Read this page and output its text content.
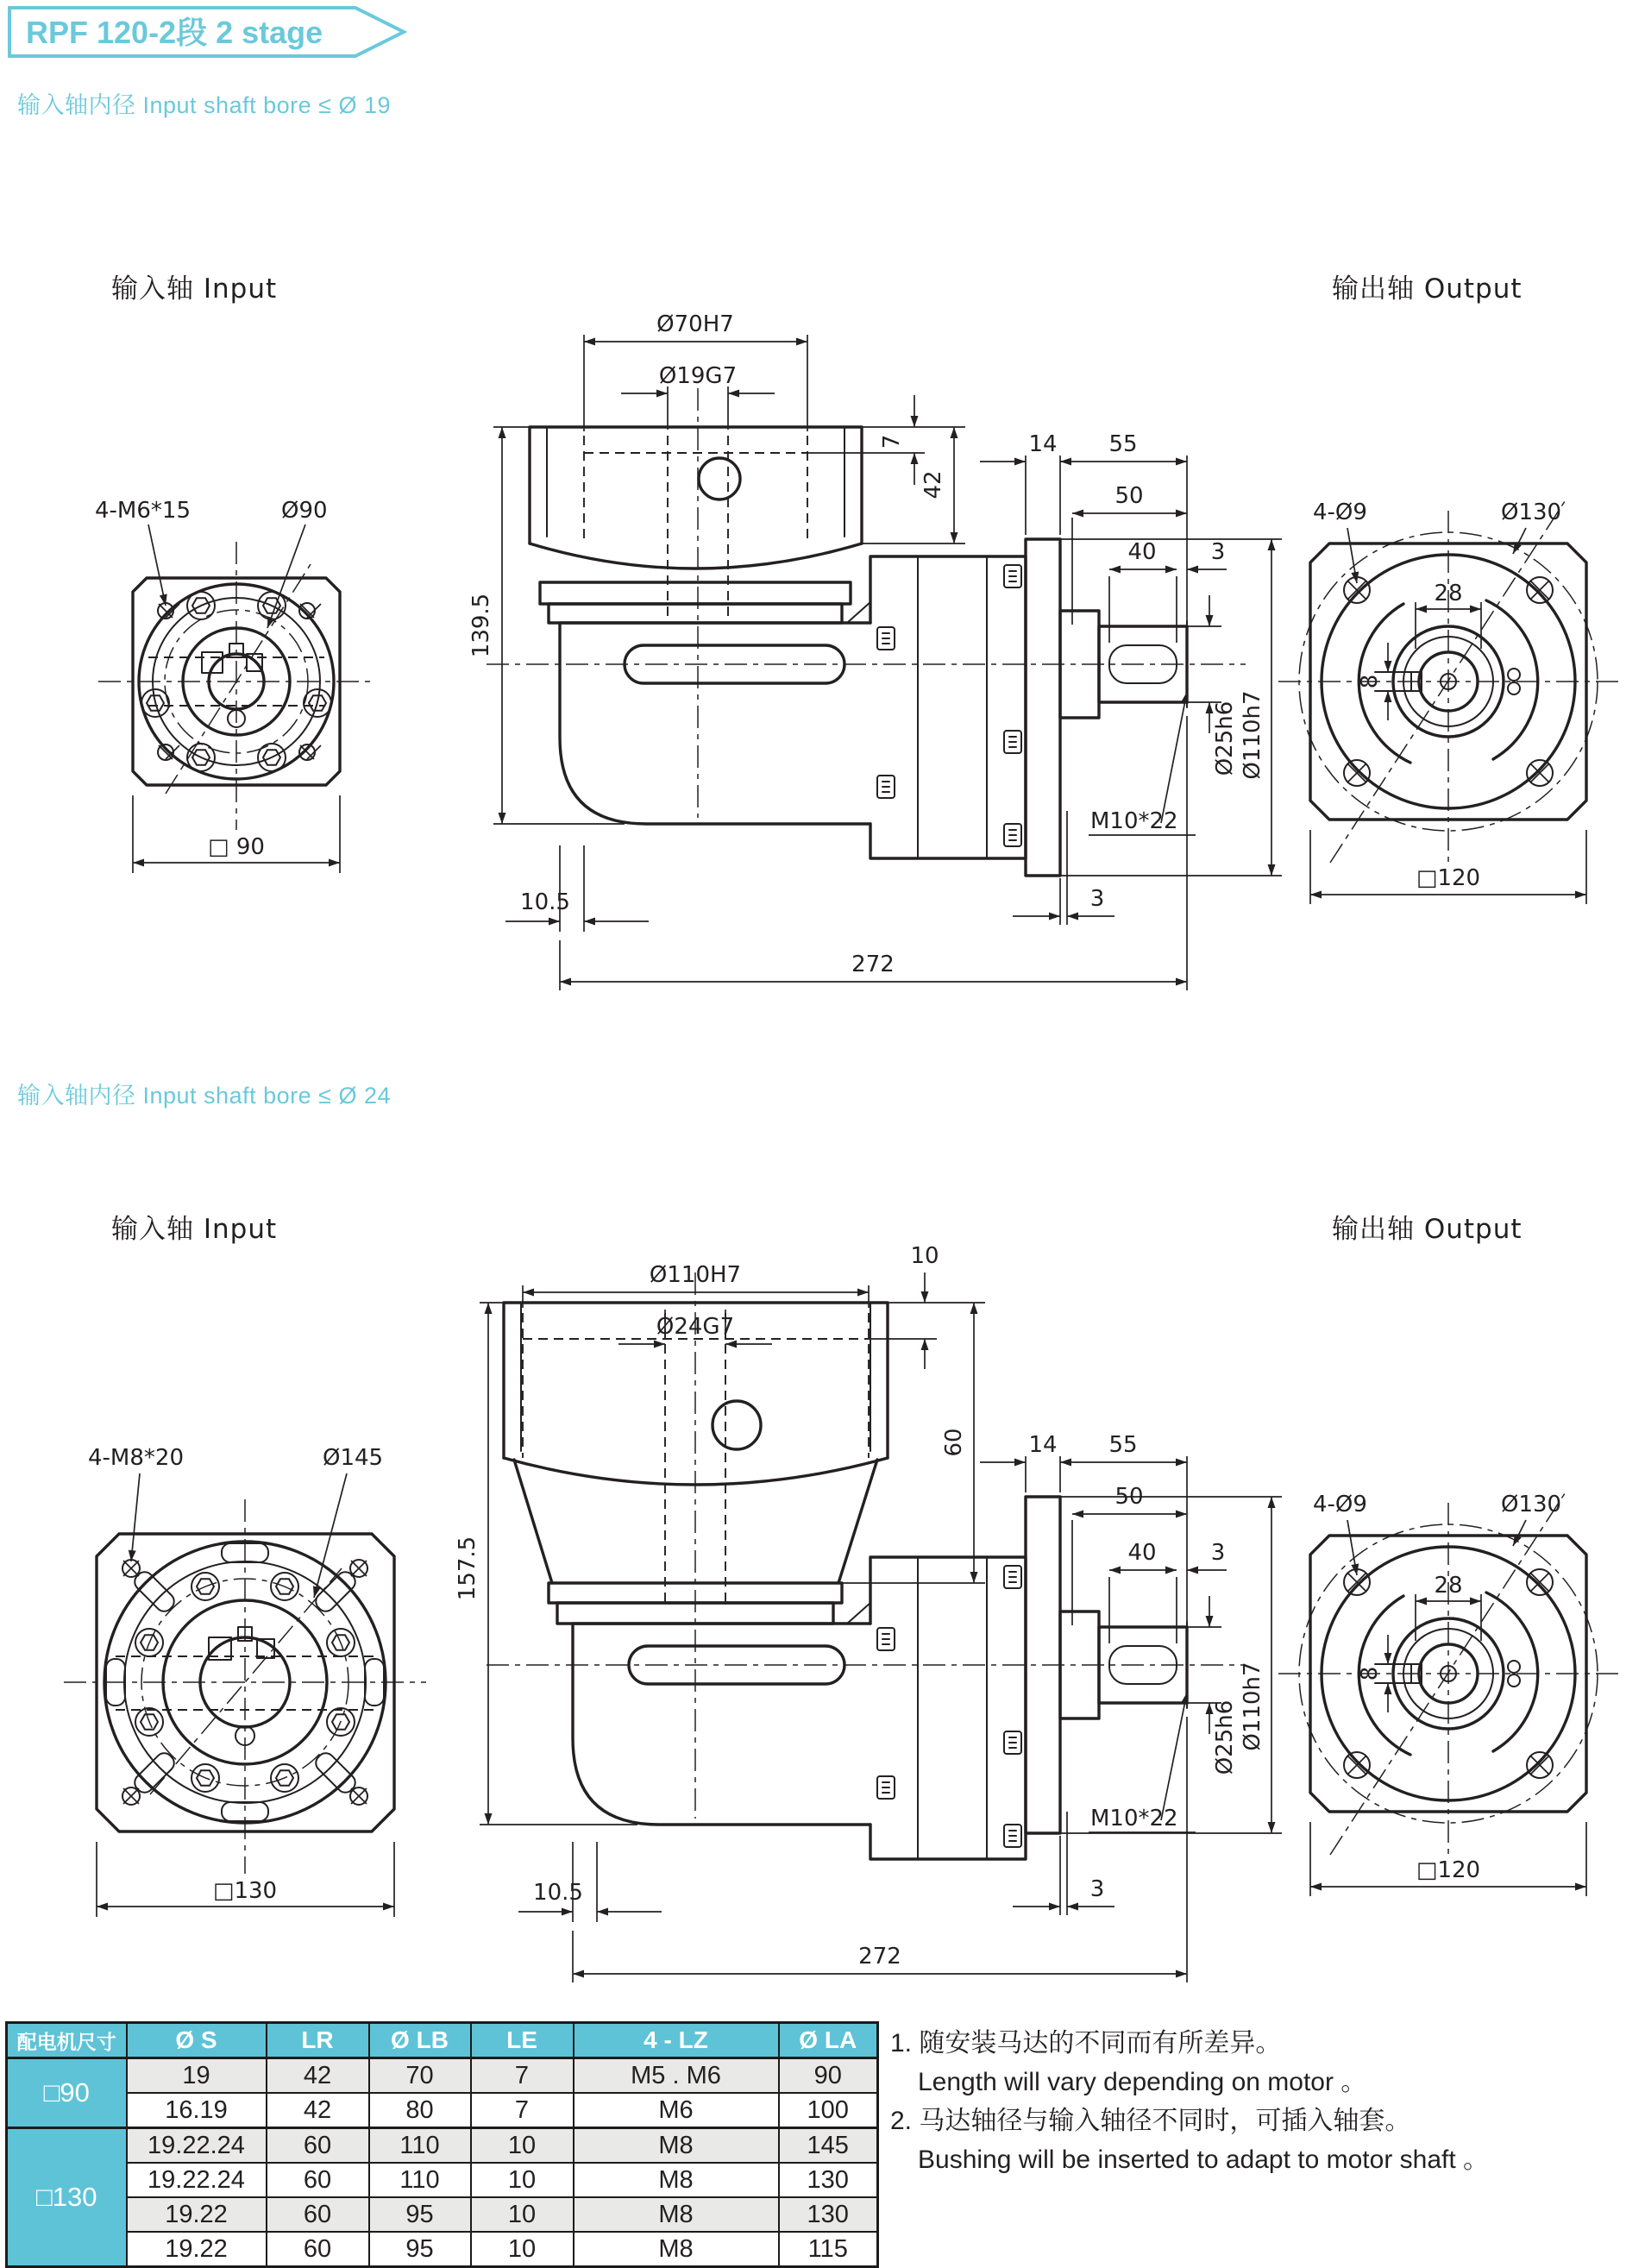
RPF 120-2段 2 stage
输入轴内径 Input shaft bore ≤ Ø 19
输入轴 Input	输出轴 Output
4-M6*15	Ø90
□ 90
Ø70H7
Ø19G7
7
42
139.5
14 55
50
40 3
Ø25h6 Ø110h7
M10*22
3
10.5
272
4-Ø9	Ø130
28
8
□120
输入轴内径 Input shaft bore ≤ Ø 24
输入轴 Input	输出轴 Output
4-M8*20	Ø145
□130
Ø110H7
Ø24G7
10
60
157.5
14 55
50
40 3
Ø25h6 Ø110h7
M10*22
3
10.5
272
4-Ø9	Ø130
28
8
□120
配电机尺寸	Ø S	LR	Ø LB	LE	4 - LZ	Ø LA
□90	19	42	70	7	M5 . M6	90
	16.19	42	80	7	M6	100
□130	19.22.24	60	110	10	M8	145
	19.22.24	60	110	10	M8	130
	19.22	60	95	10	M8	130
	19.22	60	95	10	M8	115
1. 随安装马达的不同而有所差异。
Length will vary depending on motor 。
2. 马达轴径与输入轴径不同时，可插入轴套。
Bushing will be inserted to adapt to motor shaft 。
